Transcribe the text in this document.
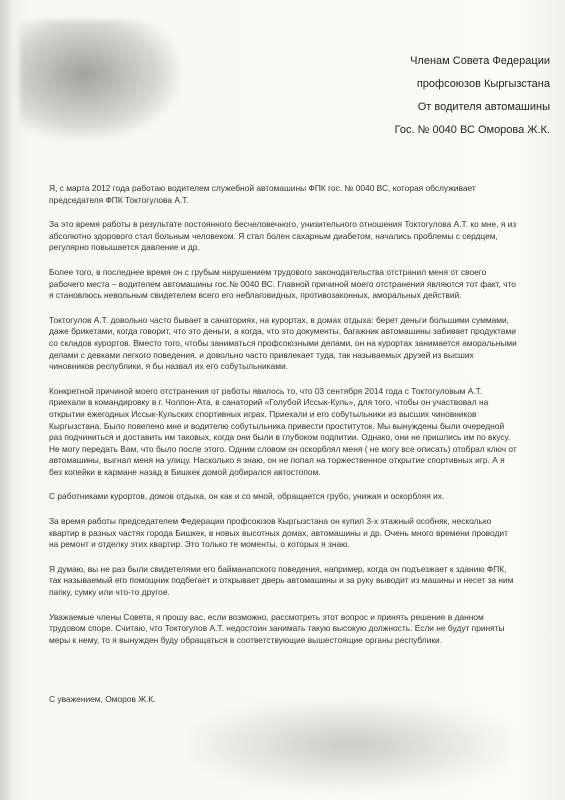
Членам Совета Федерации
профсоюзов Кыргызстана
От водителя автомашины
Гос. № 0040 ВС Оморова Ж.К.

Я, с марта 2012 года работаю водителем служебной автомашины ФПК гос. № 0040 ВС, которая обслуживает председателя ФПК Токтогулова А.Т.

За это время работы в результате постоянного бесчеловечного, унизительного отношения Токтогулова А.Т. ко мне, я из абсолютно здорового стал больным человеком. Я стал болен сахарным диабетом, начались проблемы с сердцем, регулярно повышается давление и др.

Более того, в последнее время он с грубым нарушением трудового законодательства отстранил меня от своего рабочего места – водителем автомашины гос.№ 0040 ВС. Главной причиной моего отстранения являются тот факт, что я становлюсь невольным свидетелем всего его неблаговидных, противозаконных, аморальных действий.

Токтогулов А.Т. довольно часто бывает в санаториях, на курортах, в домах отдыха: берет деньги большими суммами, даже брикетами, когда говорит, что это деньги, а когда, что это документы, багажник автомашины забивает продуктами со складов курортов. Вместо того, чтобы заниматься профсоюзными делами, он на курортах занимается аморальными делами с девками легкого поведения, и довольно часто привлекает туда, так называемых друзей из высших чиновников республики, я бы назвал их его собутыльниками.

Конкретной причиной моего отстранения от работы явилось то, что 03 сентября 2014 года с Токтогуловым А.Т. приехали в командировку в г. Чолпон-Ата, в санаторий «Голубой Иссык-Куль», для того, чтобы он участвовал на открытии ежегодных Иссык-Кульских спортивных играх. Приехали и его собутыльники из высших чиновников Кыргызстана. Было повелено мне и водителю собутыльника привести проституток. Мы вынуждены были очередной раз подчиниться и доставить им таковых, когда они были в глубоком подпитии. Однако, они не пришлись им по вкусу. Не могу передать Вам, что было после этого. Одним словом он оскорблял меня ( не могу все описать) отобрал ключ от автомашины, выгнал меня на улицу. Насколько я знаю, он не попал на торжественное открытие спортивных игр. А я без копейки в кармане назад в Бишкек домой добирался автостопом.

С работниками курортов, домов отдыха, он как и со мной, обращается грубо, унижая и оскорбляя их.

За время работы председателем Федерации профсоюзов Кыргызстана он купил 3-х этажный особняк, несколько квартир в разных частях города Бишкек, в новых высотных домах, автомашины и др. Очень много времени проводит на ремонт и отделку этих квартир. Это только те моменты, о которых я знаю.

Я думаю, вы не раз были свидетелями его байманапского поведения, например, когда он подъезжает к зданию ФПК, так называемый его помощник подбегает и открывает дверь автомашины и за руку выводит из машины и несет за ним папку, сумку или что-то другое.

Уважаемые члены Совета, я прошу вас, если возможно, рассмотреть этот вопрос и принять решение в данном трудовом споре. Считаю, что Токтогулов А.Т. недостоин занимать такую высокую должность. Если не будут приняты меры к нему, то я вынужден буду обращаться в соответствующие вышестоящие органы республики.

С уважением, Оморов Ж.К.
